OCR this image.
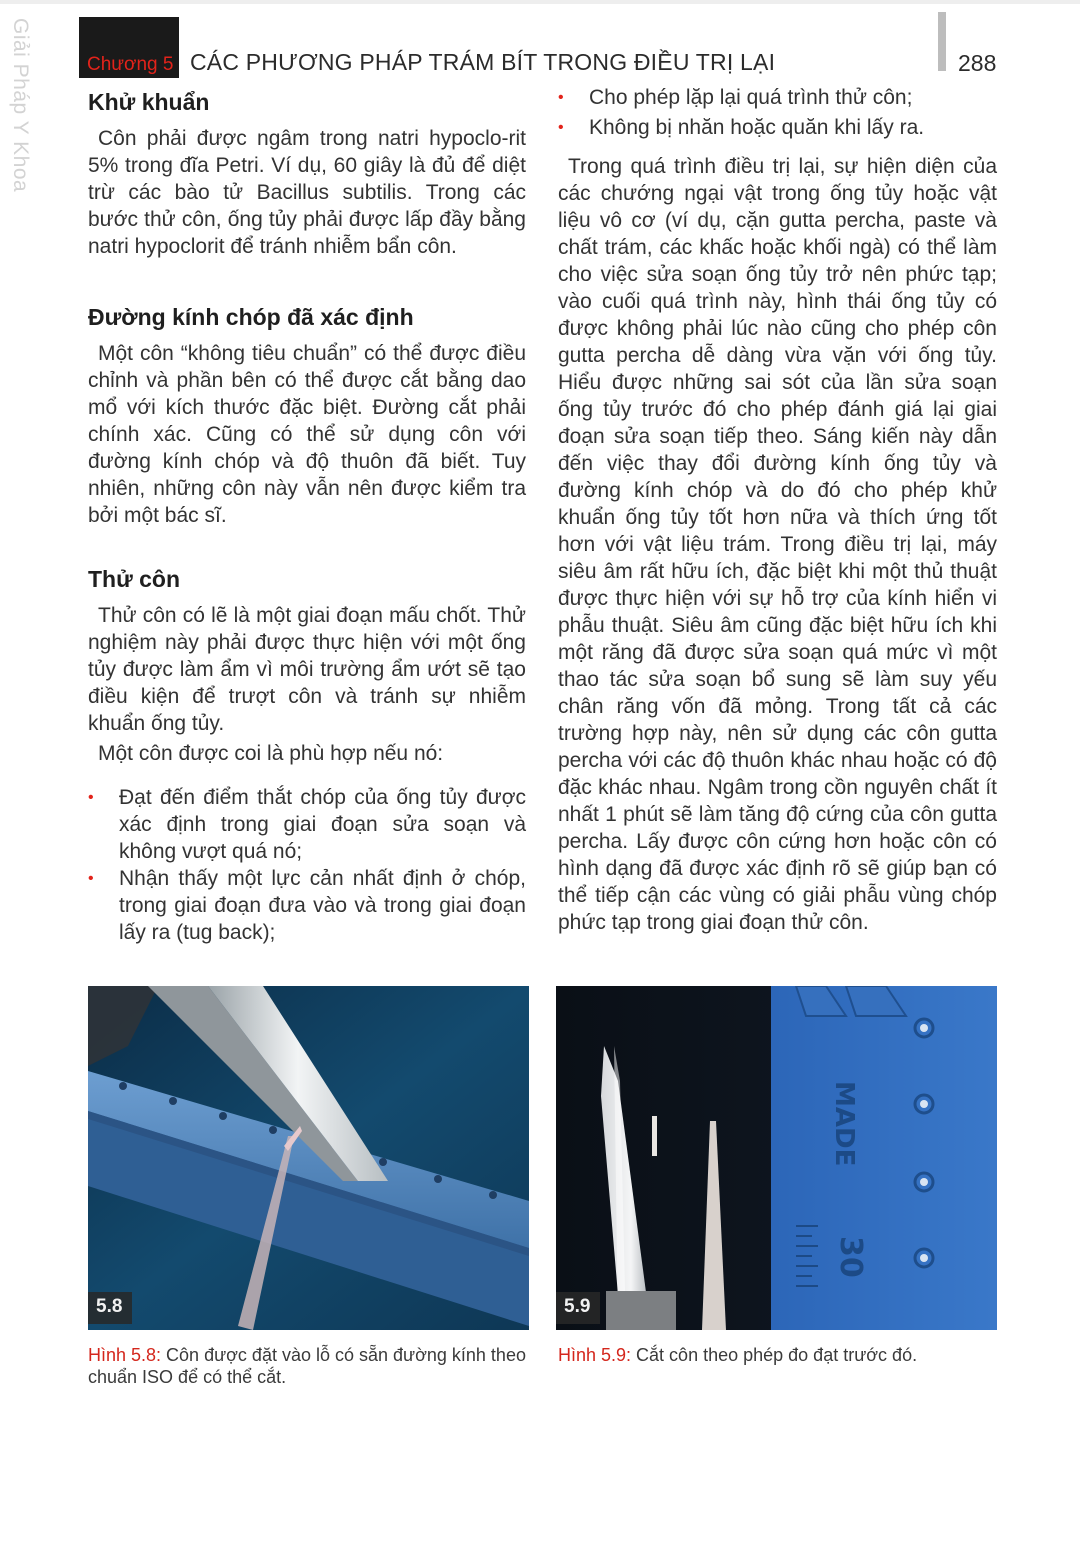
Giải Pháp Y Khoa	Chương 5 CÁC PHƯƠNG PHÁP TRÁM BÍT TRONG ĐIỀU TRỊ LẠI	288
Khử khuẩn

Côn phải được ngâm trong natri hypoclo-rit 5% trong đĩa Petri. Ví dụ, 60 giây là đủ để diệt trừ các bào tử Bacillus subtilis. Trong các bước thử côn, ống tủy phải được lấp đầy bằng natri hypoclorit để tránh nhiễm bẩn côn.

Đường kính chóp đã xác định

Một côn “không tiêu chuẩn” có thể được điều chỉnh và phần bên có thể được cắt bằng dao mổ với kích thước đặc biệt. Đường cắt phải chính xác. Cũng có thể sử dụng côn với đường kính chóp và độ thuôn đã biết. Tuy nhiên, những côn này vẫn nên được kiểm tra bởi một bác sĩ.

Thử côn

Thử côn có lẽ là một giai đoạn mấu chốt. Thử nghiệm này phải được thực hiện với một ống tủy được làm ẩm vì môi trường ẩm ướt sẽ tạo điều kiện để trượt côn và tránh sự nhiễm khuẩn ống tủy.

Một côn được coi là phù hợp nếu nó:

• Đạt đến điểm thắt chóp của ống tủy được xác định trong giai đoạn sửa soạn và không vượt quá nó;
• Nhận thấy một lực cản nhất định ở chóp, trong giai đoạn đưa vào và trong giai đoạn lấy ra (tug back);
• Cho phép lặp lại quá trình thử côn;
• Không bị nhăn hoặc quăn khi lấy ra.

Trong quá trình điều trị lại, sự hiện diện của các chướng ngại vật trong ống tủy hoặc vật liệu vô cơ (ví dụ, cặn gutta percha, paste và chất trám, các khấc hoặc khối ngà) có thể làm cho việc sửa soạn ống tủy trở nên phức tạp; vào cuối quá trình này, hình thái ống tủy có được không phải lúc nào cũng cho phép côn gutta percha dễ dàng vừa vặn với ống tủy. Hiểu được những sai sót của lần sửa soạn ống tủy trước đó cho phép đánh giá lại giai đoạn sửa soạn tiếp theo. Sáng kiến này dẫn đến việc thay đổi đường kính ống tủy và đường kính chóp và do đó cho phép khử khuẩn ống tủy tốt hơn nữa và thích ứng tốt hơn với vật liệu trám. Trong điều trị lại, máy siêu âm rất hữu ích, đặc biệt khi một thủ thuật được thực hiện với sự hỗ trợ của kính hiển vi phẫu thuật. Siêu âm cũng đặc biệt hữu ích khi một răng đã được sửa soạn quá mức vì một thao tác sửa soạn bổ sung sẽ làm suy yếu chân răng vốn đã mỏng. Trong tất cả các trường hợp này, nên sử dụng các côn gutta percha với các độ thuôn khác nhau hoặc có độ đặc khác nhau. Ngâm trong cồn nguyên chất ít nhất 1 phút sẽ làm tăng độ cứng của côn gutta percha. Lấy được côn cứng hơn hoặc côn có hình dạng đã được xác định rõ sẽ giúp bạn có thể tiếp cận các vùng có giải phẫu vùng chóp phức tạp trong giai đoạn thử côn.

5.8
MADE
30
5.9
Hình 5.8: Côn được đặt vào lỗ có sẵn đường kính theo chuẩn ISO để có thể cắt.
Hình 5.9: Cắt côn theo phép đo đạt trước đó.
